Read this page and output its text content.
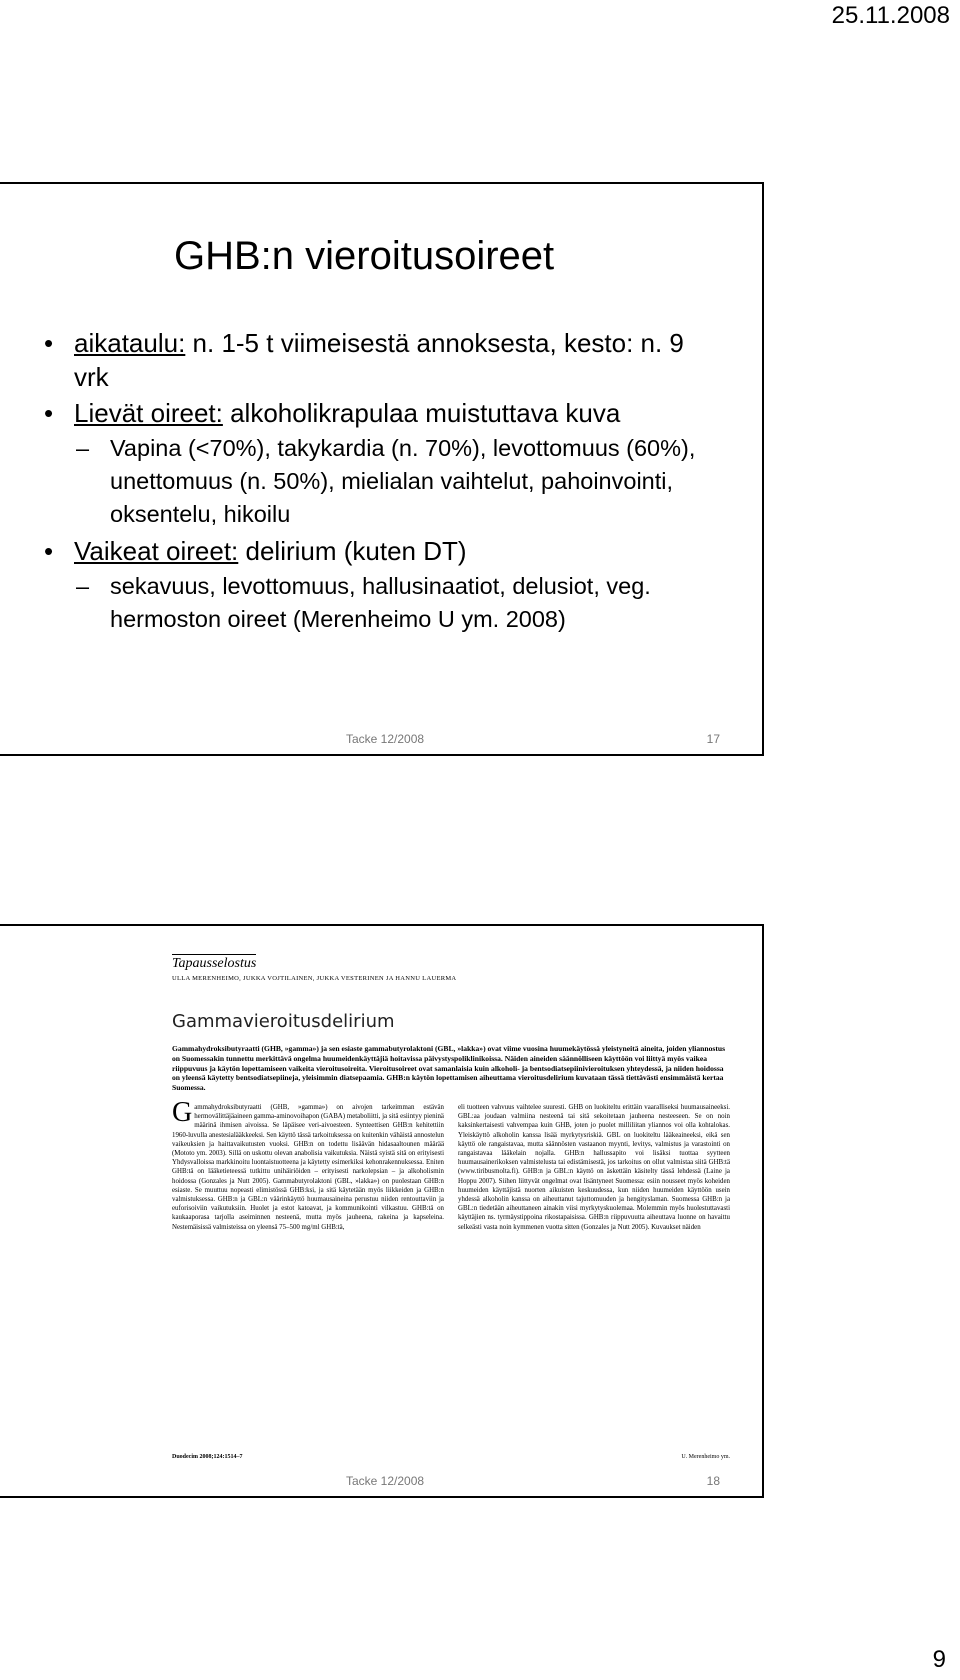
25.11.2008
GHB:n vieroitusoireet
• aikataulu: n. 1-5 t viimeisestä annoksesta, kesto: n. 9 vrk
• Lievät oireet: alkoholikrapulaa muistuttava kuva
– Vapina (<70%), takykardia (n. 70%), levottomuus (60%), unettomuus (n. 50%), mielialan vaihtelut, pahoinvointi, oksentelu, hikoilu
• Vaikeat oireet: delirium (kuten DT)
– sekavuus, levottomuus, hallusinaatiot, delusiot, veg. hermoston oireet (Merenheimo U ym. 2008)
Tacke 12/2008	17
Tapausselostus
ULLA MERENHEIMO, JUKKA VOJTILAINEN, JUKKA VESTERINEN JA HANNU LAUERMA
Gammavieroitusdelirium
Gammahydroksibutyraatti (GHB, »gamma») ja sen esiaste gammabutyrolaktoni (GBL, »lakka») ovat viime vuosina huumekäytössä yleistyneitä aineita, joiden yliannostus on Suomessakin tunnettu merkittävä ongelma huumeidenkäyttäjiä hoitavissa päivystyspoliklinikoissa. Näiden aineiden säännölliseen käyttöön voi liittyä myös vaikea riippuvuus ja käytön lopettamiseen vaikeita vieroitusoireita. Vieroitusoireet ovat samanlaisia kuin alkoholi- ja bentsodiatsepiinivieroituksen yhteydessä, ja niiden hoidossa on yleensä käytetty bentsodiatsepiineja, yleisimmin diatsepaamia. GHB:n käytön lopettamisen aiheuttama vieroitusdelirium kuvataan tässä tiettävästi ensimmäistä kertaa Suomessa.
Gammahydroksibutyraatti (GHB, »gamma») on aivojen tarkeimman estävän hermovälittäjäaineen gamma-aminovoihapon (GABA) metaboliitti, ja sitä esiintyy pieninä määrinä ihmisen aivoissa. Se läpäisee veri-aivoesteen. Synteettisen GHB:n kehitettiin 1960-luvulla anestesialääkkeeksi. Sen käyttö tässä tarkoituksessa on kuitenkin vähäistä annostelun vaikeuksien ja haittavaikutusten vuoksi. GHB:n on todettu lisäävän hidasaaltounen määrää (Mototo ym. 2003). Sillä on uskottu olevan anabolisia vaikutuksia. Näistä syistä sitä on erityisesti Yhdysvalloissa markkinoitu luontaistuotteena ja käytetty esimerkiksi kehonrakennuksessa. Eniten GHB:tä on lääketieteessä tutkittu unihäiriöiden – erityisesti narkolepsian – ja alkoholismin hoidossa (Gonzales ja Nutt 2005). Gammabutyrolaktoni (GBL, »lakka») on puolestaan GHB:n esiaste. Se muuttuu nopeasti elimistössä GHB:ksi, ja sitä käytetään myös liikkeiden ja GHB:n valmistuksessa. GHB:n ja GBL:n väärinkäyttö huumausaineina perustuu niiden rentouttaviin ja euforisoiviin vaikutuksiin. Huolet ja estot katoavat, ja kommunikointi vilkastuu. GHB:tä on kaukaaporasa tarjolla aseiminnen nesteenä, mutta myös jauheena, rakeina ja kapseleina. Nestemäisissä valmisteissa on yleensä 75–500 mg/ml GHB:tä,
eli tuotteen vahvuus vaihtelee suuresti. GHB on luokiteltu erittäin vaaralliseksi huumausaineeksi. GBL:aa joudaan valmiina nesteenä tai sitä sekoitetaan jauheena nesteeseen. Se on noin kaksinkertaisesti vahvempaa kuin GHB, joten jo puolet milliliitan yliannos voi olla kohtalokas. Yleiskäyttö alkoholin kanssa lisää myrkytysriskiä. GBL on luokiteltu lääkeaineeksi, eikä sen käyttö ole rangaistavaa, mutta säännösten vastaanon myynti, levitys, valmistus ja varastointi on rangaistavaa lääkelain nojalla. GHB:n hallussapito voi lisäksi tuottaa syytteen huumausainerikoksen valmistelusta tai edistämisestä, jos tarkoitus on ollut valmistaa siitä GHB:tä (www.tiribusmolta.fi). GHB:n ja GBL:n käyttö on äskettäin käsitelty tässä lehdessä (Laine ja Hoppu 2007). Siihen liittyvät ongelmat ovat lisäntyneet Suomessa: esiin nousseet myös koheiden huumeiden käyttäjistä nuorten aikuisten keskuudessa, kun niiden huumeiden käyttöön usein yhdessä alkoholin kanssa on aiheuttanut tajuttomuuden ja hengityslaman. Suomessa GHB:n ja GBL:n tiedetään aiheuttaneen ainakin viisi myrkytyskuolemaa. Molemmin myös huolestuttavasti käyttäjien ns. tyrmäystippoina rikostapaisissa. GHB:n riippuvuutta aiheuttava luonne on havaittu selkeästi vasta noin kymmenen vuotta sitten (Gonzales ja Nutt 2005). Kuvaukset näiden
Duodecim 2008;124:1514–7	U. Merenheimo ym.
Tacke 12/2008	18
9
